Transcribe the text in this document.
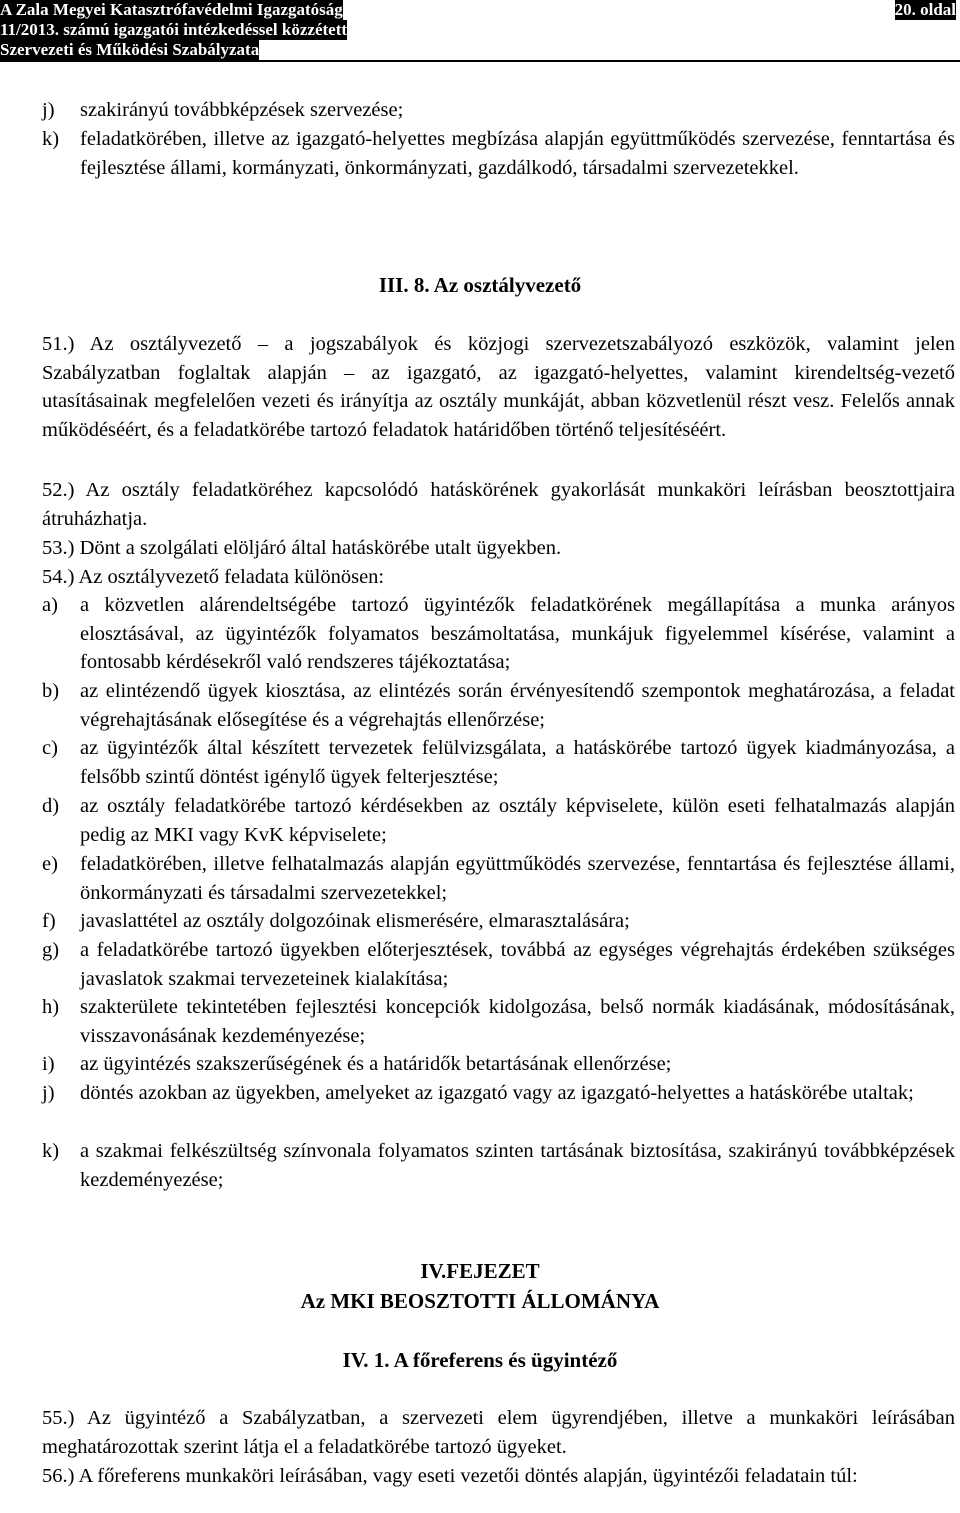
A Zala Megyei Katasztrófavédelmi Igazgatóság
11/2013. számú igazgatói intézkedéssel közzétett
Szervezeti és Működési Szabályzata
20. oldal
j) szakirányú továbbképzések szervezése;
k) feladatkörében, illetve az igazgató-helyettes megbízása alapján együttműködés szervezése, fenntartása és fejlesztése állami, kormányzati, önkormányzati, gazdálkodó, társadalmi szervezetekkel.
III. 8. Az osztályvezető
51.) Az osztályvezető – a jogszabályok és közjogi szervezetszabályozó eszközök, valamint jelen Szabályzatban foglaltak alapján – az igazgató, az igazgató-helyettes, valamint kirendeltség-vezető utasításainak megfelelően vezeti és irányítja az osztály munkáját, abban közvetlenül részt vesz. Felelős annak működéséért, és a feladatkörébe tartozó feladatok határidőben történő teljesítéséért.
52.) Az osztály feladatköréhez kapcsolódó hatáskörének gyakorlását munkaköri leírásban beosztottjaira átruházhatja.
53.) Dönt a szolgálati elöljáró által hatáskörébe utalt ügyekben.
54.) Az osztályvezető feladata különösen:
a) a közvetlen alárendeltségébe tartozó ügyintézők feladatkörének megállapítása a munka arányos elosztásával, az ügyintézők folyamatos beszámoltatása, munkájuk figyelemmel kísérése, valamint a fontosabb kérdésekről való rendszeres tájékoztatása;
b) az elintézendő ügyek kiosztása, az elintézés során érvényesítendő szempontok meghatározása, a feladat végrehajtásának elősegítése és a végrehajtás ellenőrzése;
c) az ügyintézők által készített tervezetek felülvizsgálata, a hatáskörébe tartozó ügyek kiadmányozása, a felsőbb szintű döntést igénylő ügyek felterjesztése;
d) az osztály feladatkörébe tartozó kérdésekben az osztály képviselete, külön eseti felhatalmazás alapján pedig az MKI vagy KvK képviselete;
e) feladatkörében, illetve felhatalmazás alapján együttműködés szervezése, fenntartása és fejlesztése állami, önkormányzati és társadalmi szervezetekkel;
f) javaslattétel az osztály dolgozóinak elismerésére, elmarasztalására;
g) a feladatkörébe tartozó ügyekben előterjesztések, továbbá az egységes végrehajtás érdekében szükséges javaslatok szakmai tervezeteinek kialakítása;
h) szakterülete tekintetében fejlesztési koncepciók kidolgozása, belső normák kiadásának, módosításának, visszavonásának kezdeményezése;
i) az ügyintézés szakszerűségének és a határidők betartásának ellenőrzése;
j) döntés azokban az ügyekben, amelyeket az igazgató vagy az igazgató-helyettes a hatáskörébe utaltak;
k) a szakmai felkészültség színvonala folyamatos szinten tartásának biztosítása, szakirányú továbbképzések kezdeményezése;
IV.FEJEZET
Az MKI BEOSZTOTTI ÁLLOMÁNYA
IV. 1. A főreferens és ügyintéző
55.) Az ügyintéző a Szabályzatban, a szervezeti elem ügyrendjében, illetve a munkaköri leírásában meghatározottak szerint látja el a feladatkörébe tartozó ügyeket.
56.) A főreferens munkaköri leírásában, vagy eseti vezetői döntés alapján, ügyintézői feladatain túl:
